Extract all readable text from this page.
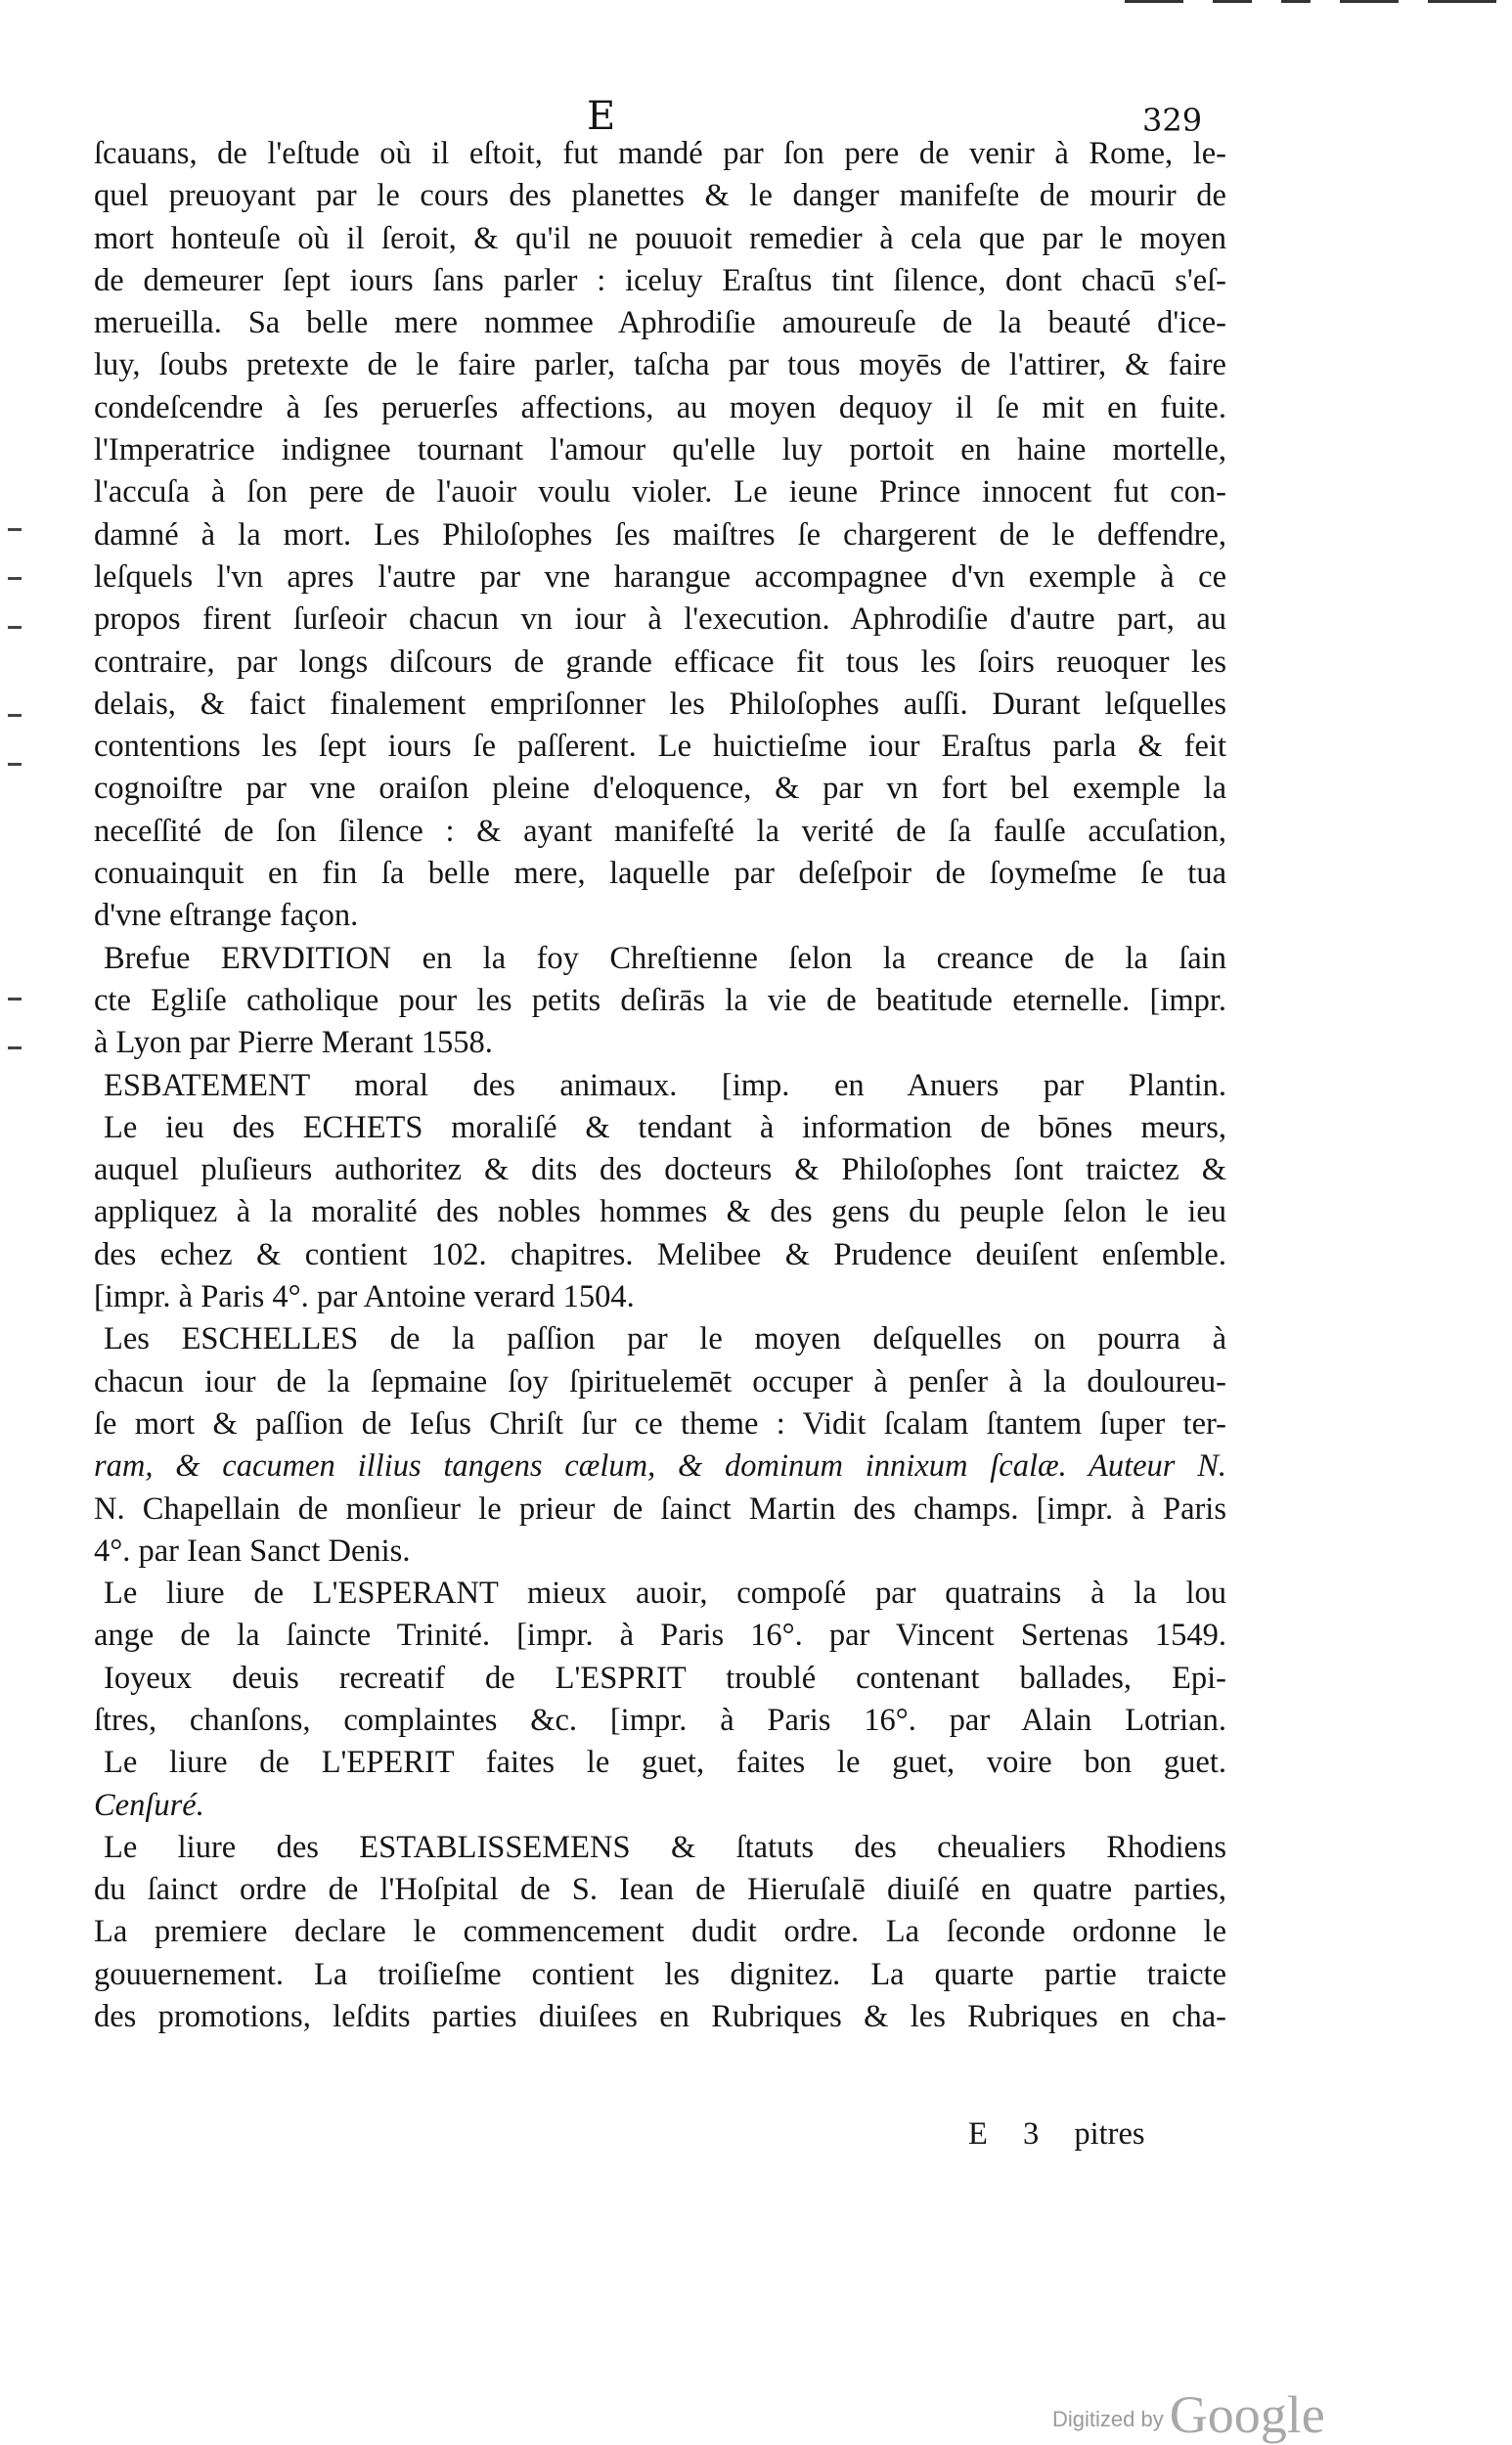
E	329
ſcauans, de l'eſtude où il eſtoit, fut mandé par ſon pere de venir à Rome, le-
quel preuoyant par le cours des planettes & le danger manifeſte de mourir de
mort honteuſe où il ſeroit, & qu'il ne pouuoit remedier à cela que par le moyen
de demeurer ſept iours ſans parler : iceluy Eraſtus tint ſilence, dont chacū s'eſ-
merueilla. Sa belle mere nommee Aphrodiſie amoureuſe de la beauté d'ice-
luy, ſoubs pretexte de le faire parler, taſcha par tous moyēs de l'attirer, & faire
condeſcendre à ſes peruerſes affections, au moyen dequoy il ſe mit en fuite.
l'Imperatrice indignee tournant l'amour qu'elle luy portoit en haine mortelle,
l'accuſa à ſon pere de l'auoir voulu violer. Le ieune Prince innocent fut con-
damné à la mort. Les Philoſophes ſes maiſtres ſe chargerent de le deffendre,
leſquels l'vn apres l'autre par vne harangue accompagnee d'vn exemple à ce
propos firent ſurſeoir chacun vn iour à l'execution. Aphrodiſie d'autre part, au
contraire, par longs diſcours de grande efficace fit tous les ſoirs reuoquer les
delais, & faict finalement empriſonner les Philoſophes auſſi. Durant leſquelles
contentions les ſept iours ſe paſſerent. Le huictieſme iour Eraſtus parla & feit
cognoiſtre par vne oraiſon pleine d'eloquence, & par vn fort bel exemple la
neceſſité de ſon ſilence : & ayant manifeſté la verité de ſa faulſe accuſation,
conuainquit en fin ſa belle mere, laquelle par deſeſpoir de ſoymeſme ſe tua
d'vne eſtrange façon.
Brefue ERVDITION en la foy Chreſtienne ſelon la creance de la ſain
cte Egliſe catholique pour les petits deſirās la vie de beatitude eternelle. [impr.
à Lyon par Pierre Merant 1558.
ESBATEMENT moral des animaux. [imp. en Anuers par Plantin.
Le ieu des ECHETS moraliſé & tendant à information de bōnes meurs,
auquel pluſieurs authoritez & dits des docteurs & Philoſophes ſont traictez &
appliquez à la moralité des nobles hommes & des gens du peuple ſelon le ieu
des echez & contient 102. chapitres. Melibee & Prudence deuiſent enſemble.
[impr. à Paris 4°. par Antoine verard 1504.
Les ESCHELLES de la paſſion par le moyen deſquelles on pourra à
chacun iour de la ſepmaine ſoy ſpirituelemēt occuper à penſer à la douloureu-
ſe mort & paſſion de Ieſus Chriſt ſur ce theme : Vidit ſcalam ſtantem ſuper ter-
ram, & cacumen illius tangens cælum, & dominum innixum ſcalæ. Auteur N.
N. Chapellain de monſieur le prieur de ſainct Martin des champs. [impr. à Paris
4°. par Iean Sanct Denis.
Le liure de L'ESPERANT mieux auoir, compoſé par quatrains à la lou
ange de la ſaincte Trinité. [impr. à Paris 16°. par Vincent Sertenas 1549.
Ioyeux deuis recreatif de L'ESPRIT troublé contenant ballades, Epi-
ſtres, chanſons, complaintes &c. [impr. à Paris 16°. par Alain Lotrian.
Le liure de L'EPERIT faites le guet, faites le guet, voire bon guet.
Cenſuré.
Le liure des ESTABLISSEMENS & ſtatuts des cheualiers Rhodiens
du ſainct ordre de l'Hoſpital de S. Iean de Hieruſalē diuiſé en quatre parties,
La premiere declare le commencement dudit ordre. La ſeconde ordonne le
gouuernement. La troiſieſme contient les dignitez. La quarte partie traicte
des promotions, leſdits parties diuiſees en Rubriques & les Rubriques en cha-
E 3 pitres
Digitized by Google
